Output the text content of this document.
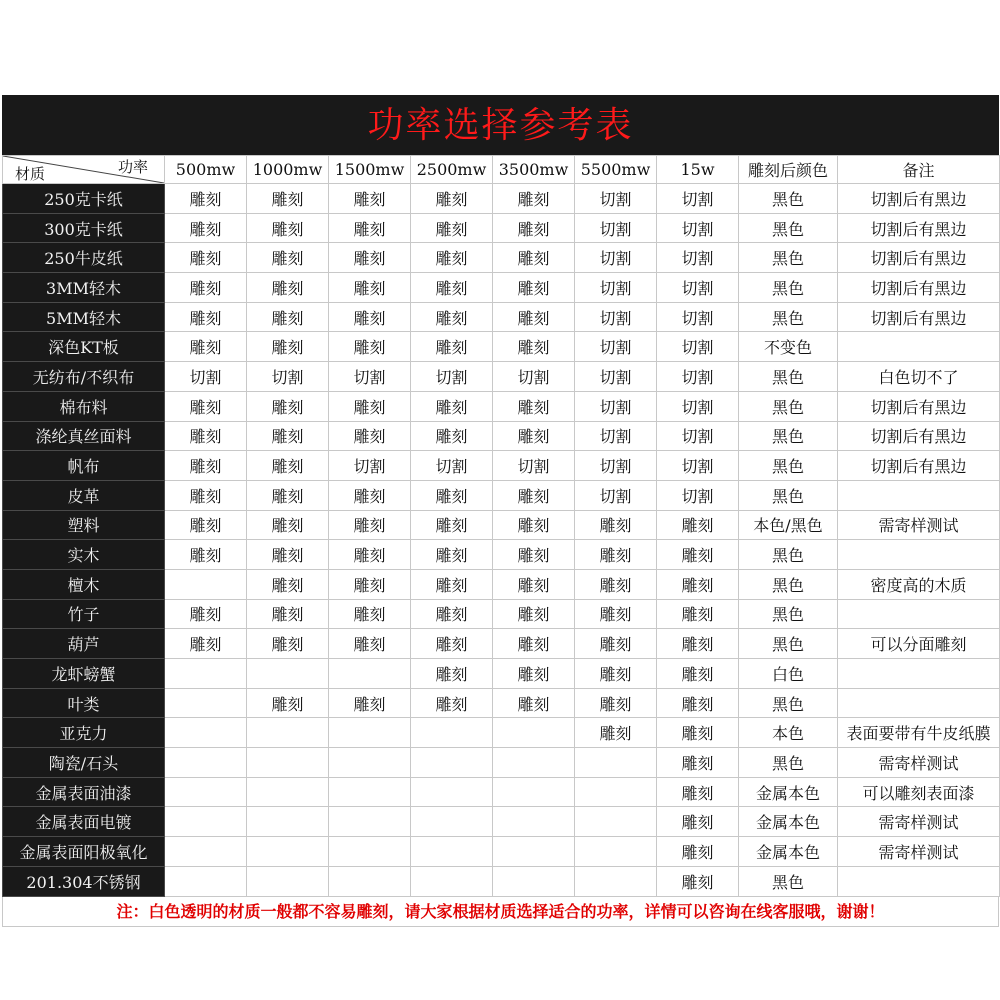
功率选择参考表
功率
材质	500mw	1000mw	1500mw	2500mw	3500mw	5500mw	15w	雕刻后颜色	备注
250克卡纸	雕刻	雕刻	雕刻	雕刻	雕刻	切割	切割	黑色	切割后有黑边
300克卡纸	雕刻	雕刻	雕刻	雕刻	雕刻	切割	切割	黑色	切割后有黑边
250牛皮纸	雕刻	雕刻	雕刻	雕刻	雕刻	切割	切割	黑色	切割后有黑边
3MM轻木	雕刻	雕刻	雕刻	雕刻	雕刻	切割	切割	黑色	切割后有黑边
5MM轻木	雕刻	雕刻	雕刻	雕刻	雕刻	切割	切割	黑色	切割后有黑边
深色KT板	雕刻	雕刻	雕刻	雕刻	雕刻	切割	切割	不变色	
无纺布/不织布	切割	切割	切割	切割	切割	切割	切割	黑色	白色切不了
棉布料	雕刻	雕刻	雕刻	雕刻	雕刻	切割	切割	黑色	切割后有黑边
涤纶真丝面料	雕刻	雕刻	雕刻	雕刻	雕刻	切割	切割	黑色	切割后有黑边
帆布	雕刻	雕刻	切割	切割	切割	切割	切割	黑色	切割后有黑边
皮革	雕刻	雕刻	雕刻	雕刻	雕刻	切割	切割	黑色	
塑料	雕刻	雕刻	雕刻	雕刻	雕刻	雕刻	雕刻	本色/黑色	需寄样测试
实木	雕刻	雕刻	雕刻	雕刻	雕刻	雕刻	雕刻	黑色	
檀木		雕刻	雕刻	雕刻	雕刻	雕刻	雕刻	黑色	密度高的木质
竹子	雕刻	雕刻	雕刻	雕刻	雕刻	雕刻	雕刻	黑色	
葫芦	雕刻	雕刻	雕刻	雕刻	雕刻	雕刻	雕刻	黑色	可以分面雕刻
龙虾螃蟹				雕刻	雕刻	雕刻	雕刻	白色	
叶类		雕刻	雕刻	雕刻	雕刻	雕刻	雕刻	黑色	
亚克力						雕刻	雕刻	本色	表面要带有牛皮纸膜
陶瓷/石头							雕刻	黑色	需寄样测试
金属表面油漆							雕刻	金属本色	可以雕刻表面漆
金属表面电镀							雕刻	金属本色	需寄样测试
金属表面阳极氧化							雕刻	金属本色	需寄样测试
201.304不锈钢							雕刻	黑色	
注：白色透明的材质一般都不容易雕刻，请大家根据材质选择适合的功率，详情可以咨询在线客服哦，谢谢！
